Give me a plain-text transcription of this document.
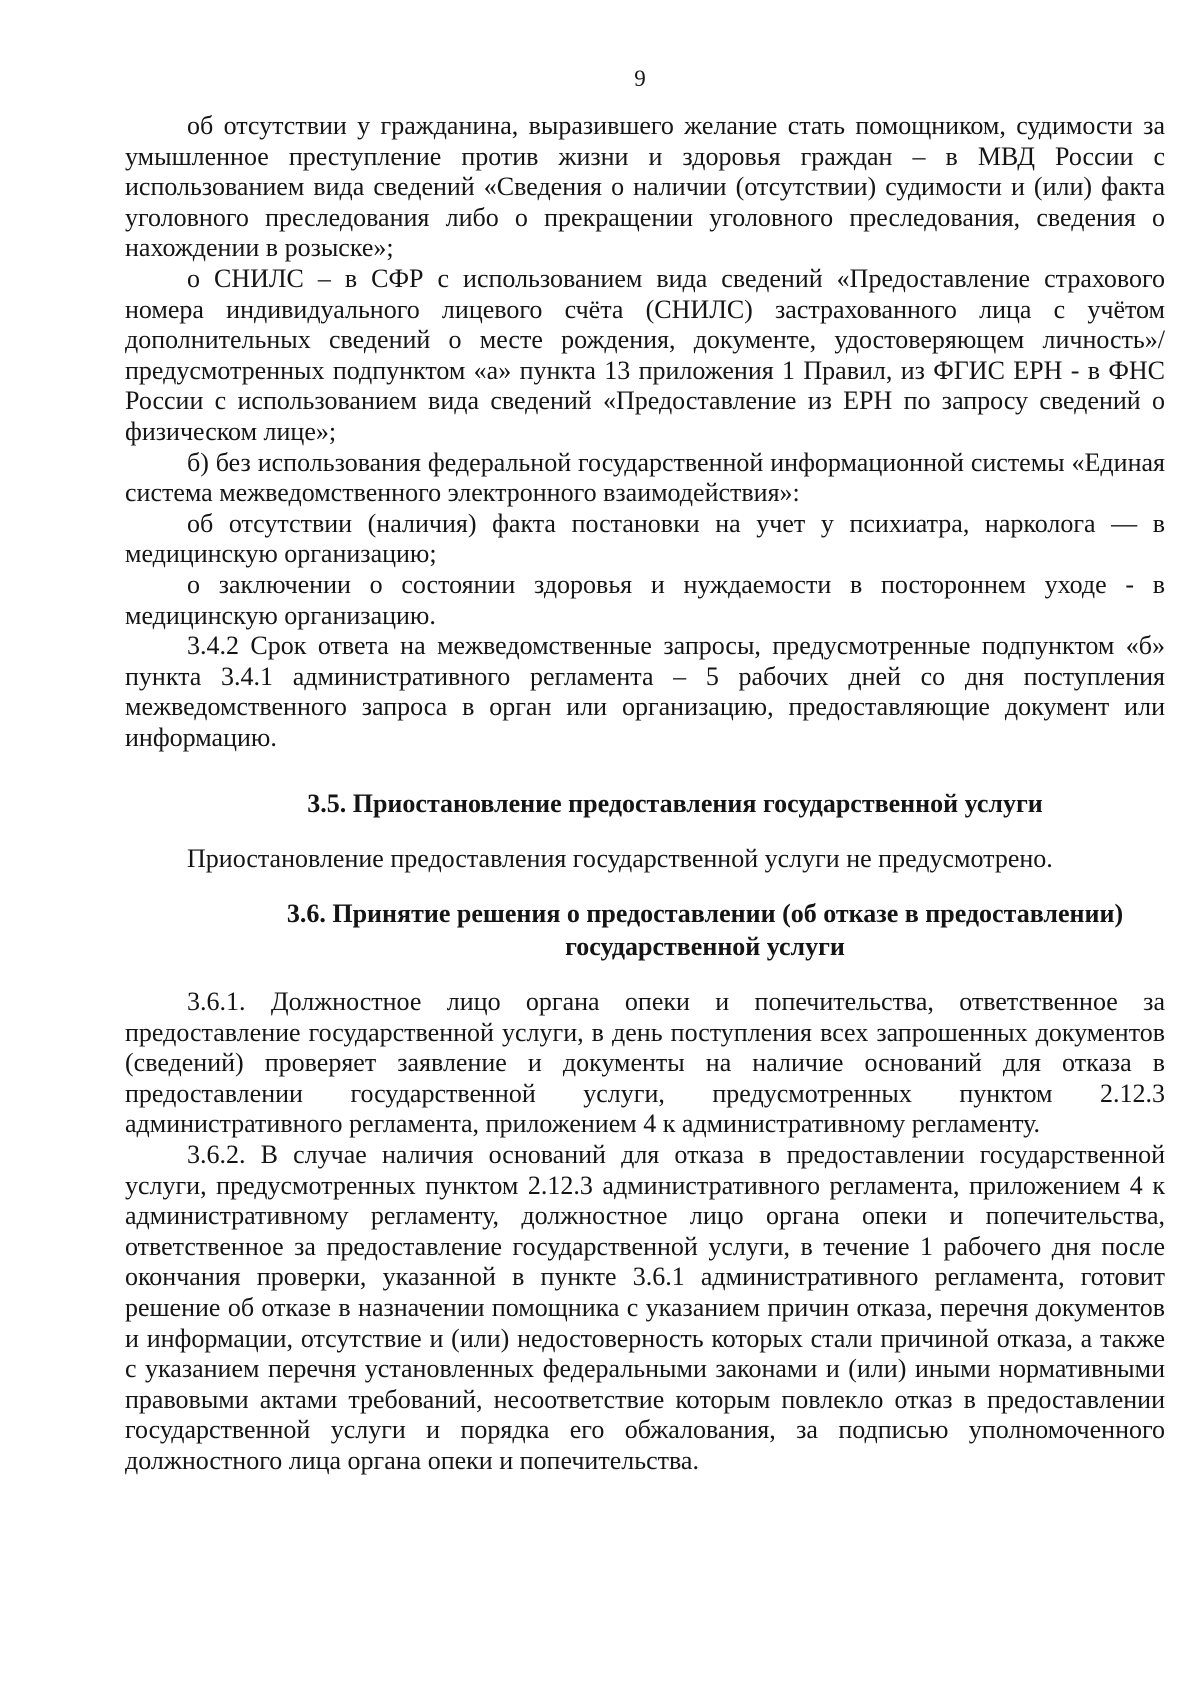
9

об отсутствии у гражданина, выразившего желание стать помощником, судимости за умышленное преступление против жизни и здоровья граждан – в МВД России с использованием вида сведений «Сведения о наличии (отсутствии) судимости и (или) факта уголовного преследования либо о прекращении уголовного преследования, сведения о нахождении в розыске»;

о СНИЛС – в СФР с использованием вида сведений «Предоставление страхового номера индивидуального лицевого счёта (СНИЛС) застрахованного лица с учётом дополнительных сведений о месте рождения, документе, удостоверяющем личность»/предусмотренных подпунктом «а» пункта 13 приложения 1 Правил, из ФГИС ЕРН - в ФНС России с использованием вида сведений «Предоставление из ЕРН по запросу сведений о физическом лице»;

б) без использования федеральной государственной информационной системы «Единая система межведомственного электронного взаимодействия»:

об отсутствии (наличия) факта постановки на учет у психиатра, нарколога — в медицинскую организацию;

о заключении о состоянии здоровья и нуждаемости в постороннем уходе - в медицинскую организацию.

3.4.2 Срок ответа на межведомственные запросы, предусмотренные подпунктом «б» пункта 3.4.1 административного регламента – 5 рабочих дней со дня поступления межведомственного запроса в орган или организацию, предоставляющие документ или информацию.

3.5. Приостановление предоставления государственной услуги

Приостановление предоставления государственной услуги не предусмотрено.

3.6. Принятие решения о предоставлении (об отказе в предоставлении)
государственной услуги

3.6.1. Должностное лицо органа опеки и попечительства, ответственное за предоставление государственной услуги, в день поступления всех запрошенных документов (сведений) проверяет заявление и документы на наличие оснований для отказа в предоставлении государственной услуги, предусмотренных пунктом 2.12.3 административного регламента, приложением 4 к административному регламенту.

3.6.2. В случае наличия оснований для отказа в предоставлении государственной услуги, предусмотренных пунктом 2.12.3 административного регламента, приложением 4 к административному регламенту, должностное лицо органа опеки и попечительства, ответственное за предоставление государственной услуги, в течение 1 рабочего дня после окончания проверки, указанной в пункте 3.6.1 административного регламента, готовит решение об отказе в назначении помощника с указанием причин отказа, перечня документов и информации, отсутствие и (или) недостоверность которых стали причиной отказа, а также с указанием перечня установленных федеральными законами и (или) иными нормативными правовыми актами требований, несоответствие которым повлекло отказ в предоставлении государственной услуги и порядка его обжалования, за подписью уполномоченного должностного лица органа опеки и попечительства.
